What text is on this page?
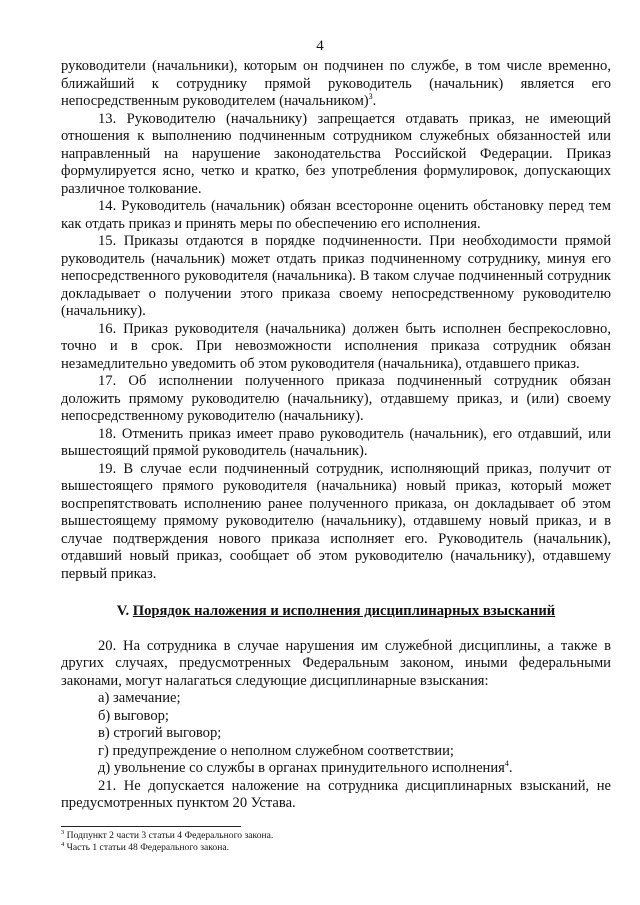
4

руководители (начальники), которым он подчинен по службе, в том числе временно, ближайший к сотруднику прямой руководитель (начальник) является его непосредственным руководителем (начальником)$^3$.

13. Руководителю (начальнику) запрещается отдавать приказ, не имеющий отношения к выполнению подчиненным сотрудником служебных обязанностей или направленный на нарушение законодательства Российской Федерации. Приказ формулируется ясно, четко и кратко, без употребления формулировок, допускающих различное толкование.

14. Руководитель (начальник) обязан всесторонне оценить обстановку перед тем как отдать приказ и принять меры по обеспечению его исполнения.

15. Приказы отдаются в порядке подчиненности. При необходимости прямой руководитель (начальник) может отдать приказ подчиненному сотруднику, минуя его непосредственного руководителя (начальника). В таком случае подчиненный сотрудник докладывает о получении этого приказа своему непосредственному руководителю (начальнику).

16. Приказ руководителя (начальника) должен быть исполнен беспрекословно, точно и в срок. При невозможности исполнения приказа сотрудник обязан незамедлительно уведомить об этом руководителя (начальника), отдавшего приказ.

17. Об исполнении полученного приказа подчиненный сотрудник обязан доложить прямому руководителю (начальнику), отдавшему приказ, и (или) своему непосредственному руководителю (начальнику).

18. Отменить приказ имеет право руководитель (начальник), его отдавший, или вышестоящий прямой руководитель (начальник).

19. В случае если подчиненный сотрудник, исполняющий приказ, получит от вышестоящего прямого руководителя (начальника) новый приказ, который может воспрепятствовать исполнению ранее полученного приказа, он докладывает об этом вышестоящему прямому руководителю (начальнику), отдавшему новый приказ, и в случае подтверждения нового приказа исполняет его. Руководитель (начальник), отдавший новый приказ, сообщает об этом руководителю (начальнику), отдавшему первый приказ.

V. Порядок наложения и исполнения дисциплинарных взысканий

20. На сотрудника в случае нарушения им служебной дисциплины, а также в других случаях, предусмотренных Федеральным законом, иными федеральными законами, могут налагаться следующие дисциплинарные взыскания:

а) замечание;

б) выговор;

в) строгий выговор;

г) предупреждение о неполном служебном соответствии;

д) увольнение со службы в органах принудительного исполнения$^4$.

21. Не допускается наложение на сотрудника дисциплинарных взысканий, не предусмотренных пунктом 20 Устава.

$^3$ Подпункт 2 части 3 статьи 4 Федерального закона.

$^4$ Часть 1 статьи 48 Федерального закона.
